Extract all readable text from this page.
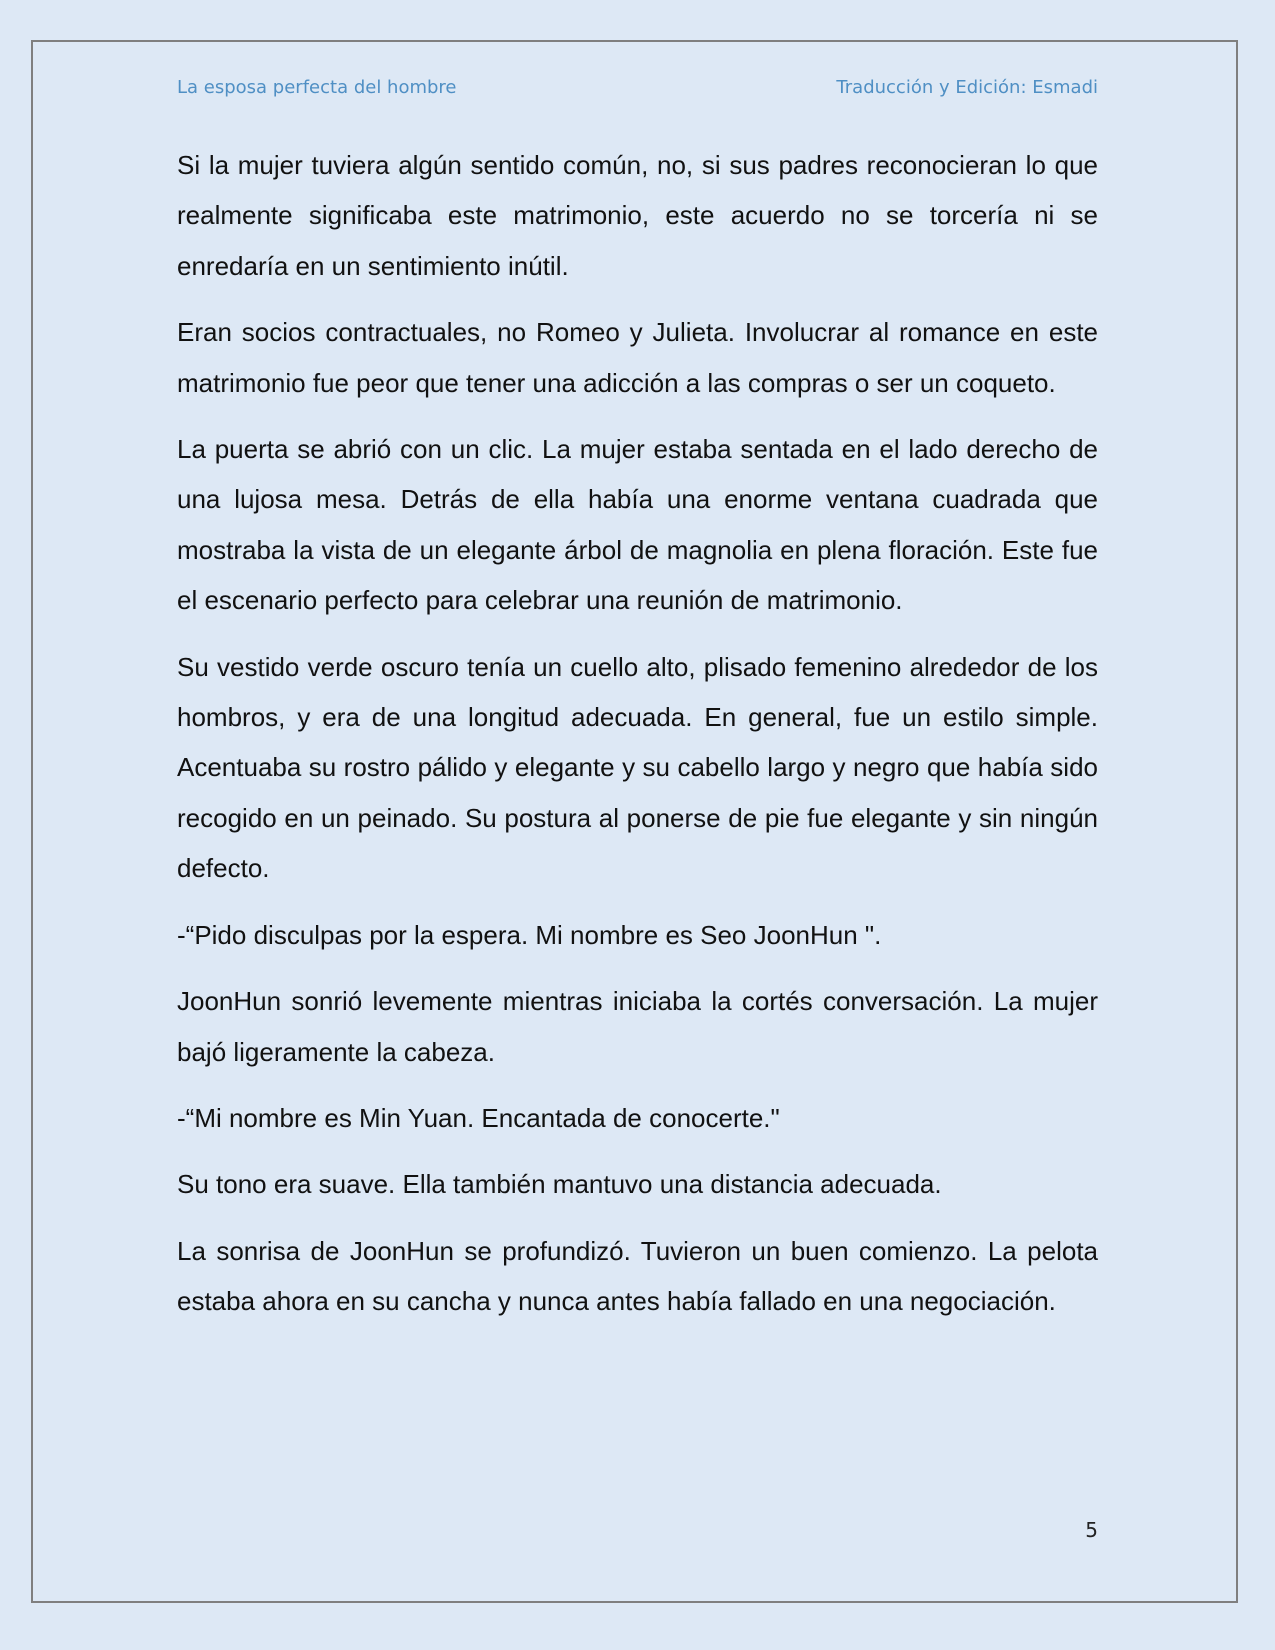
La esposa perfecta del hombre	Traducción y Edición: Esmadi

Si la mujer tuviera algún sentido común, no, si sus padres reconocieran lo que realmente significaba este matrimonio, este acuerdo no se torcería ni se enredaría en un sentimiento inútil.

Eran socios contractuales, no Romeo y Julieta. Involucrar al romance en este matrimonio fue peor que tener una adicción a las compras o ser un coqueto.

La puerta se abrió con un clic. La mujer estaba sentada en el lado derecho de una lujosa mesa. Detrás de ella había una enorme ventana cuadrada que mostraba la vista de un elegante árbol de magnolia en plena floración. Este fue el escenario perfecto para celebrar una reunión de matrimonio.

Su vestido verde oscuro tenía un cuello alto, plisado femenino alrededor de los hombros, y era de una longitud adecuada. En general, fue un estilo simple. Acentuaba su rostro pálido y elegante y su cabello largo y negro que había sido recogido en un peinado. Su postura al ponerse de pie fue elegante y sin ningún defecto.

-“Pido disculpas por la espera. Mi nombre es Seo JoonHun ".

JoonHun sonrió levemente mientras iniciaba la cortés conversación. La mujer bajó ligeramente la cabeza.

-“Mi nombre es Min Yuan. Encantada de conocerte."

Su tono era suave. Ella también mantuvo una distancia adecuada.

La sonrisa de JoonHun se profundizó. Tuvieron un buen comienzo. La pelota estaba ahora en su cancha y nunca antes había fallado en una negociación.

5
